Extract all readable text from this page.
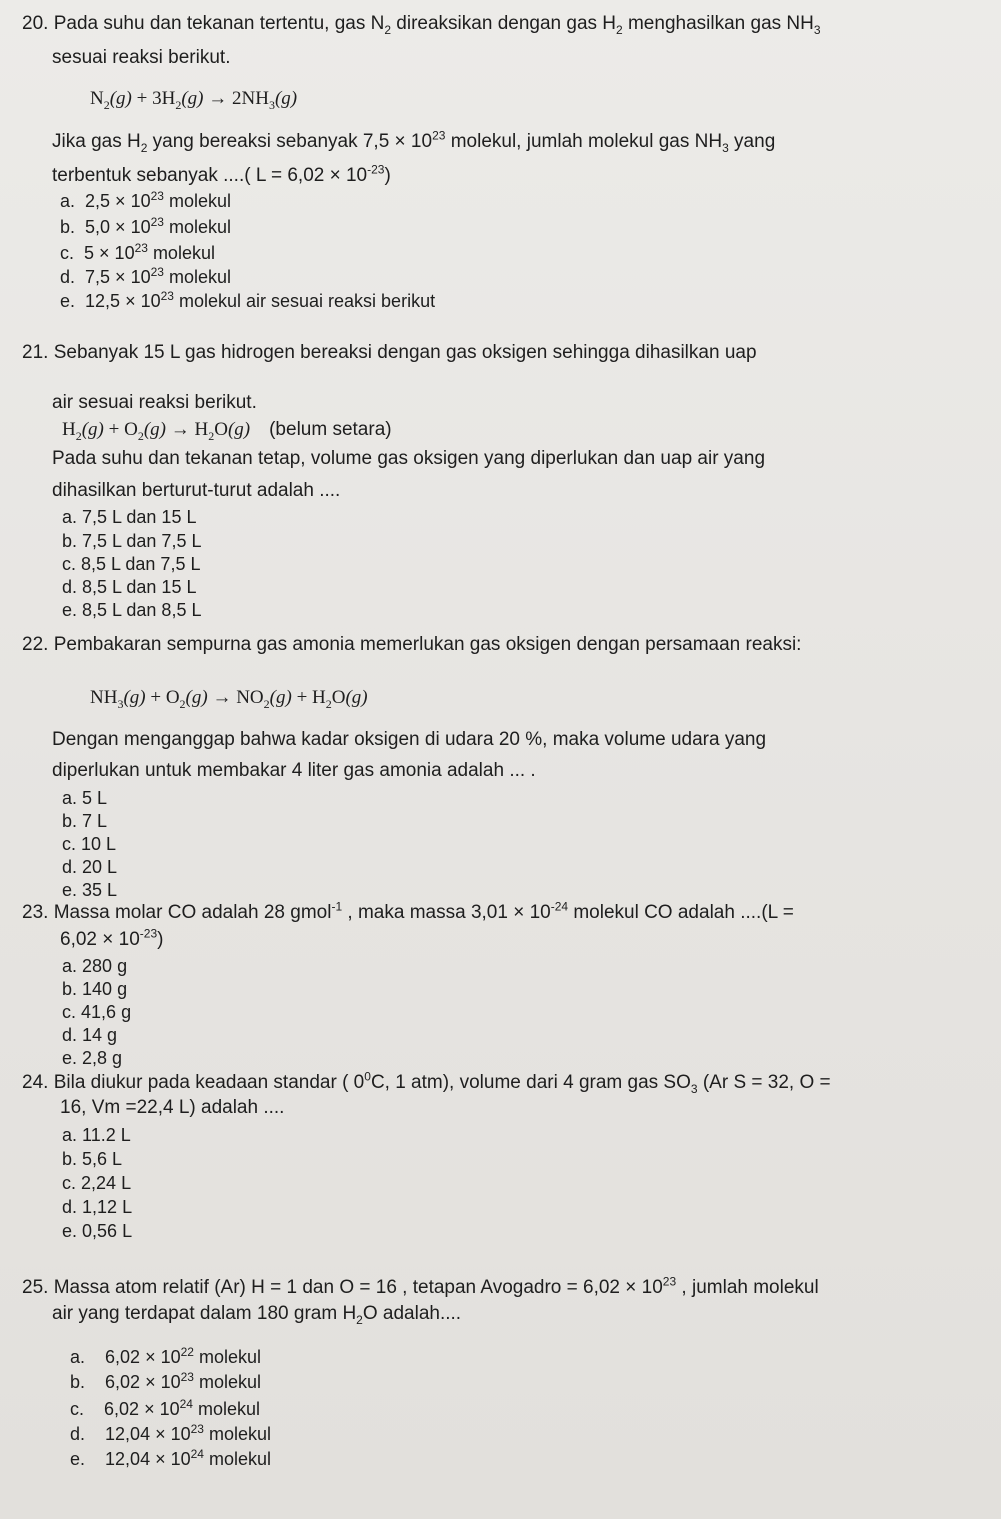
20. Pada suhu dan tekanan tertentu, gas $N_2$ direaksikan dengan gas $H_2$ menghasilkan gas $NH_3$
sesuai reaksi berikut.
$N_2(g) + 3H_2(g) \to 2NH_3(g)$
Jika gas $H_2$ yang bereaksi sebanyak $7,5 \times 10^{23}$ molekul, jumlah molekul gas $NH_3$ yang
terbentuk sebanyak ....( $L = 6,02 \times 10^{-23}$)
a. $2,5 \times 10^{23}$ molekul
b. $5,0 \times 10^{23}$ molekul
c. $5 \times 10^{23}$ molekul
d. $7,5 \times 10^{23}$ molekul
e. $12,5 \times 10^{23}$ molekul air sesuai reaksi berikut
21. Sebanyak 15 L gas hidrogen bereaksi dengan gas oksigen sehingga dihasilkan uap
air sesuai reaksi berikut.
$H_2(g) + O_2(g) \to H_2O(g)$ (belum setara)
Pada suhu dan tekanan tetap, volume gas oksigen yang diperlukan dan uap air yang
dihasilkan berturut-turut adalah ....
a. 7,5 L dan 15 L
b. 7,5 L dan 7,5 L
c. 8,5 L dan 7,5 L
d. 8,5 L dan 15 L
e. 8,5 L dan 8,5 L
22. Pembakaran sempurna gas amonia memerlukan gas oksigen dengan persamaan reaksi:
$NH_3(g) + O_2(g) \to NO_2(g) + H_2O(g)$
Dengan menganggap bahwa kadar oksigen di udara 20 %, maka volume udara yang
diperlukan untuk membakar 4 liter gas amonia adalah ... .
a. 5 L
b. 7 L
c. 10 L
d. 20 L
e. 35 L
23. Massa molar CO adalah 28 gmol$^{-1}$ , maka massa $3,01 \times 10^{-24}$ molekul CO adalah ....(L =
$6,02 \times 10^{-23}$)
a. 280 g
b. 140 g
c. 41,6 g
d. 14 g
e. 2,8 g
24. Bila diukur pada keadaan standar ( $0^0C$, 1 atm), volume dari 4 gram gas $SO_3$ (Ar S = 32, O =
16, Vm =22,4 L) adalah ....
a. 11.2 L
b. 5,6 L
c. 2,24 L
d. 1,12 L
e. 0,56 L
25. Massa atom relatif (Ar) H = 1 dan O = 16 , tetapan Avogadro = $6,02 \times 10^{23}$ , jumlah molekul
air yang terdapat dalam 180 gram $H_2O$ adalah....
a. $6,02 \times 10^{22}$ molekul
b. $6,02 \times 10^{23}$ molekul
c. $6,02 \times 10^{24}$ molekul
d. $12,04 \times 10^{23}$ molekul
e. $12,04 \times 10^{24}$ molekul
